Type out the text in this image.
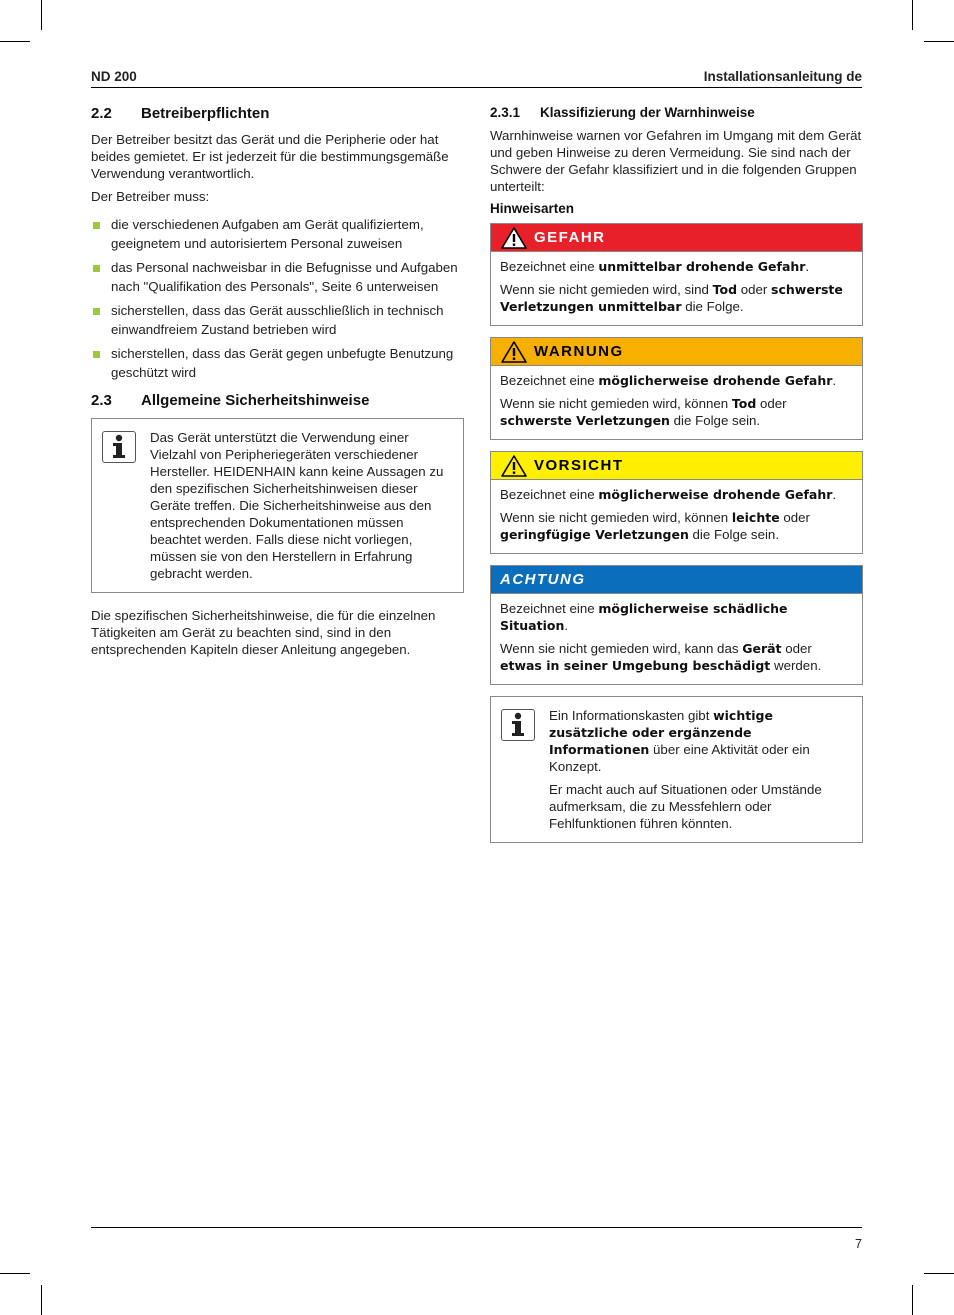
ND 200	Installationsanleitung de
2.2 Betreiberpflichten

Der Betreiber besitzt das Gerät und die Peripherie oder hat beides gemietet. Er ist jederzeit für die bestimmungsgemäße Verwendung verantwortlich.

Der Betreiber muss:

die verschiedenen Aufgaben am Gerät qualifiziertem, geeignetem und autorisiertem Personal zuweisen
das Personal nachweisbar in die Befugnisse und Aufgaben nach "Qualifikation des Personals", Seite 6 unterweisen
sicherstellen, dass das Gerät ausschließlich in technisch einwandfreiem Zustand betrieben wird
sicherstellen, dass das Gerät gegen unbefugte Benutzung geschützt wird
2.3 Allgemeine Sicherheitshinweise

Das Gerät unterstützt die Verwendung einer Vielzahl von Peripheriegeräten verschiedener Hersteller. HEIDENHAIN kann keine Aussagen zu den spezifischen Sicherheitshinweisen dieser Geräte treffen. Die Sicherheitshinweise aus den entsprechenden Dokumentationen müssen beachtet werden. Falls diese nicht vorliegen, müssen sie von den Herstellern in Erfahrung gebracht werden.

Die spezifischen Sicherheitshinweise, die für die einzelnen Tätigkeiten am Gerät zu beachten sind, sind in den entsprechenden Kapiteln dieser Anleitung angegeben.

2.3.1 Klassifizierung der Warnhinweise

Warnhinweise warnen vor Gefahren im Umgang mit dem Gerät und geben Hinweise zu deren Vermeidung. Sie sind nach der Schwere der Gefahr klassifiziert und in die folgenden Gruppen unterteilt:

Hinweisarten
GEFAHR

Bezeichnet eine unmittelbar drohende Gefahr.

Wenn sie nicht gemieden wird, sind Tod oder schwerste Verletzungen unmittelbar die Folge.

WARNUNG

Bezeichnet eine möglicherweise drohende Gefahr.

Wenn sie nicht gemieden wird, können Tod oder schwerste Verletzungen die Folge sein.

VORSICHT

Bezeichnet eine möglicherweise drohende Gefahr.

Wenn sie nicht gemieden wird, können leichte oder geringfügige Verletzungen die Folge sein.

ACHTUNG

Bezeichnet eine möglicherweise schädliche Situation.

Wenn sie nicht gemieden wird, kann das Gerät oder etwas in seiner Umgebung beschädigt werden.

Ein Informationskasten gibt wichtige zusätzliche oder ergänzende Informationen über eine Aktivität oder ein Konzept.

Er macht auch auf Situationen oder Umstände aufmerksam, die zu Messfehlern oder Fehlfunktionen führen könnten.

7
